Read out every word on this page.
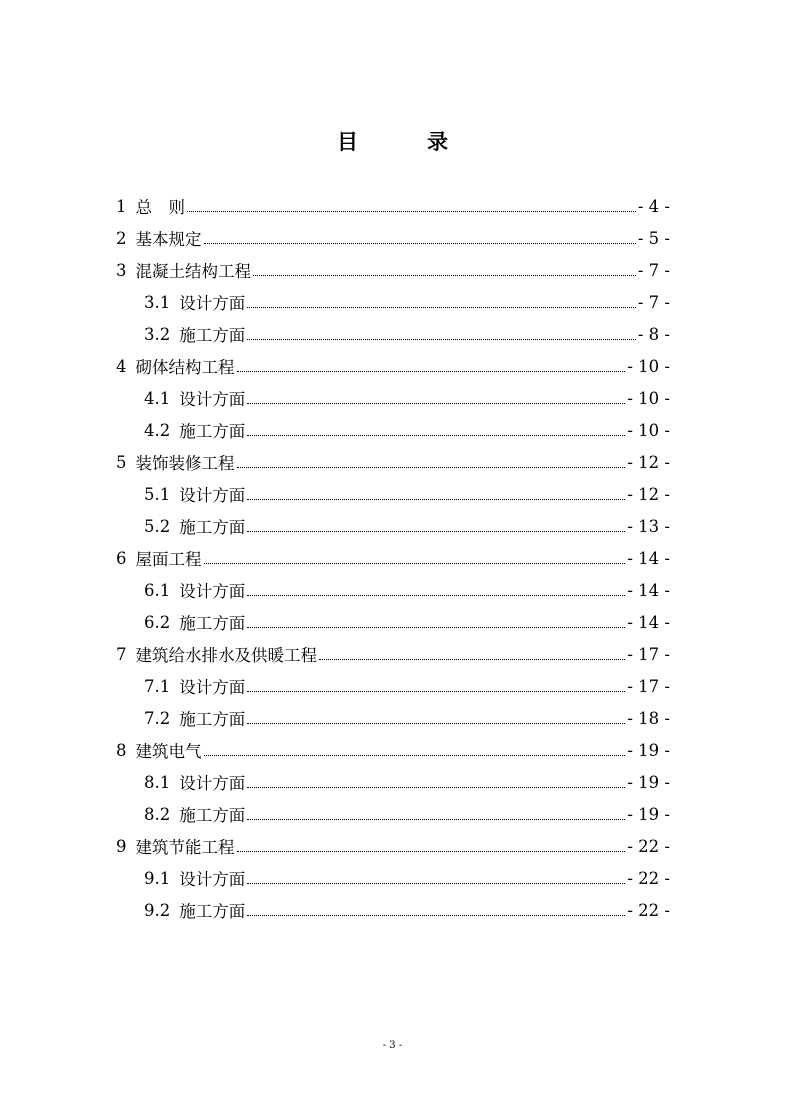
目　录
1 总　则	- 4 -
2 基本规定	- 5 -
3 混凝土结构工程	- 7 -
3.1 设计方面	- 7 -
3.2 施工方面	- 8 -
4 砌体结构工程	- 10 -
4.1 设计方面	- 10 -
4.2 施工方面	- 10 -
5 装饰装修工程	- 12 -
5.1 设计方面	- 12 -
5.2 施工方面	- 13 -
6 屋面工程	- 14 -
6.1 设计方面	- 14 -
6.2 施工方面	- 14 -
7 建筑给水排水及供暖工程	- 17 -
7.1 设计方面	- 17 -
7.2 施工方面	- 18 -
8 建筑电气	- 19 -
8.1 设计方面	- 19 -
8.2 施工方面	- 19 -
9 建筑节能工程	- 22 -
9.1 设计方面	- 22 -
9.2 施工方面	- 22 -
- 3 -
